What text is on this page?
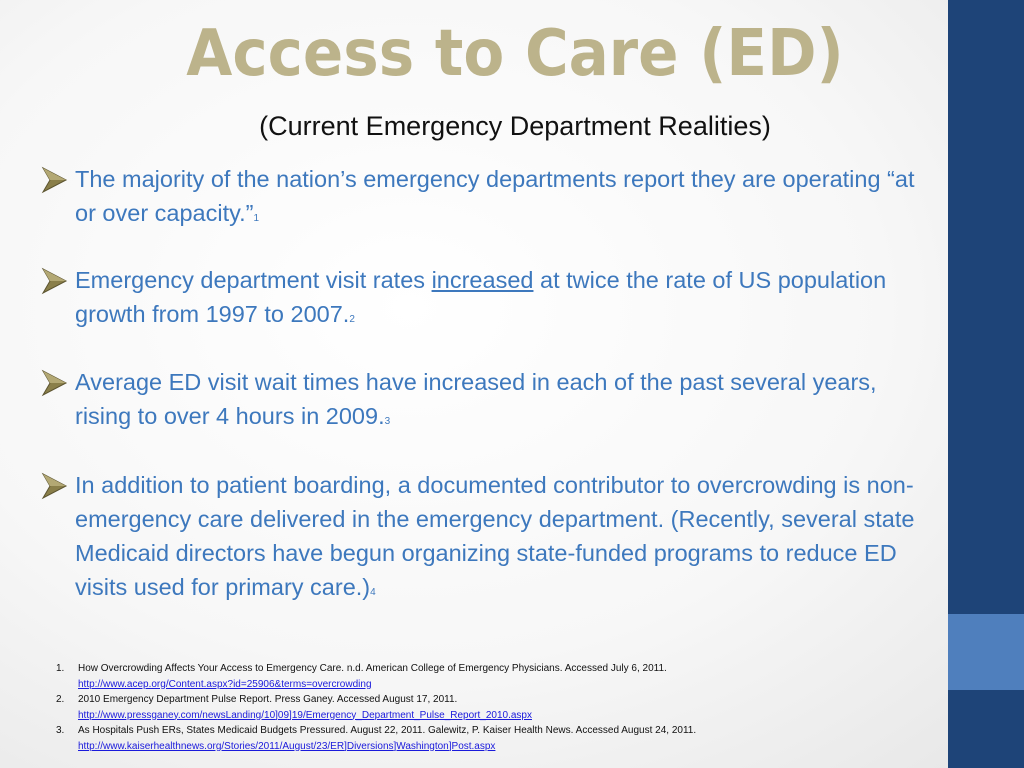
Access to Care (ED)
(Current Emergency Department Realities)
The majority of the nation’s emergency departments report they are operating “at or over capacity.”1
Emergency department visit rates increased at twice the rate of US population growth from 1997 to 2007.2
Average ED visit wait times have increased in each of the past several years, rising to over 4 hours in 2009.3
In addition to patient boarding, a documented contributor to overcrowding is non-emergency care delivered in the emergency department. (Recently, several state Medicaid directors have begun organizing state-funded programs to reduce ED visits used for primary care.)4
1.	How Overcrowding Affects Your Access to Emergency Care. n.d. American College of Emergency Physicians. Accessed July 6, 2011.
http://www.acep.org/Content.aspx?id=25906&terms=overcrowding
2.	2010 Emergency Department Pulse Report. Press Ganey. Accessed August 17, 2011.
http://www.pressganey.com/newsLanding/10]09]19/Emergency_Department_Pulse_Report_2010.aspx
3.	As Hospitals Push ERs, States Medicaid Budgets Pressured. August 22, 2011. Galewitz, P. Kaiser Health News. Accessed August 24, 2011.
http://www.kaiserhealthnews.org/Stories/2011/August/23/ER]Diversions]Washington]Post.aspx
